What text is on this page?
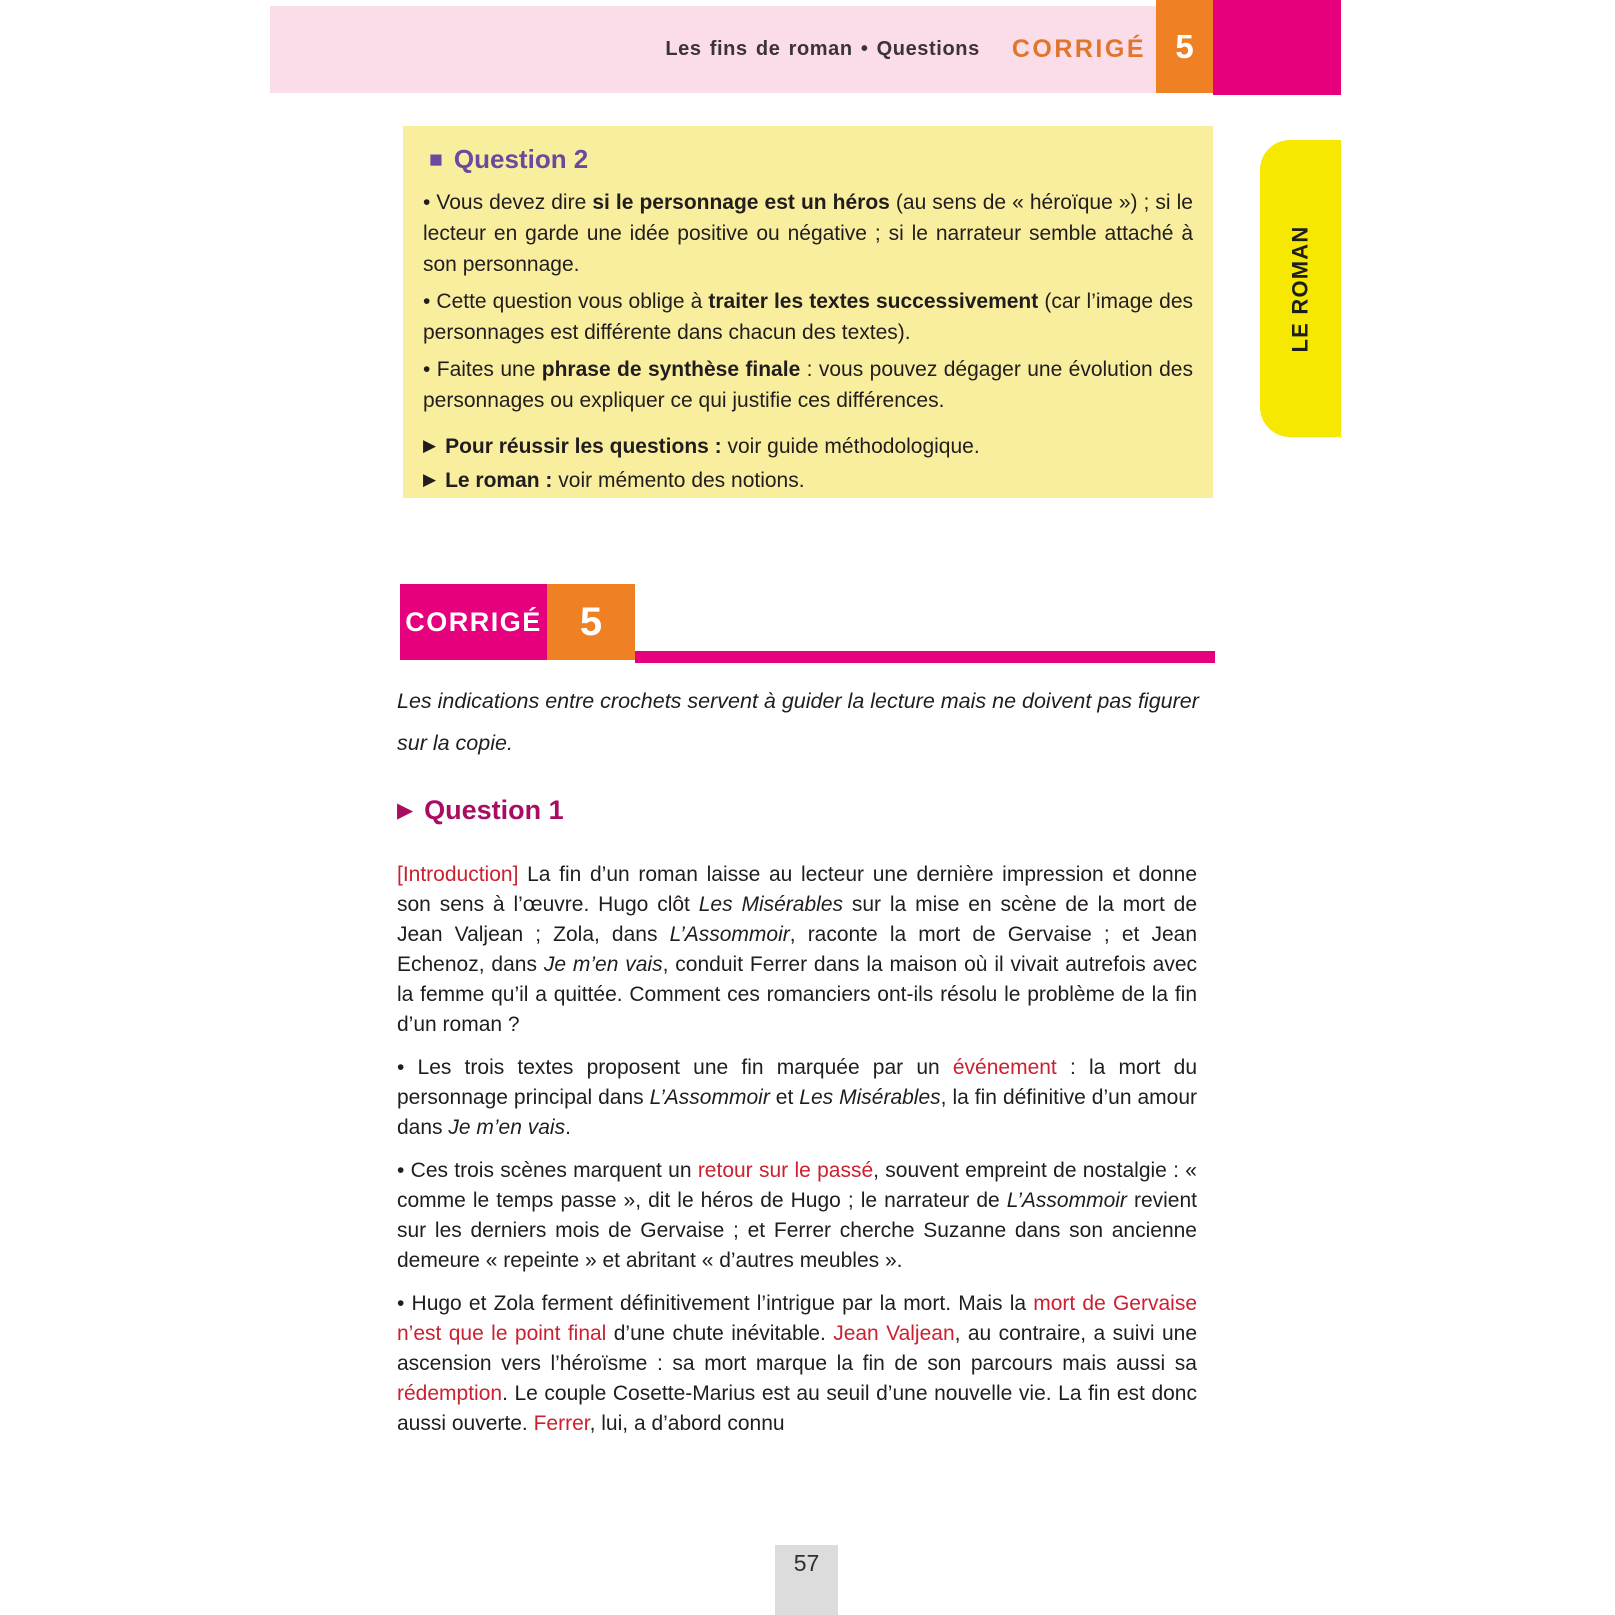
Les fins de roman • Questions CORRIGÉ 5
LE ROMAN
■ Question 2

• Vous devez dire si le personnage est un héros (au sens de « héroïque ») ; si le lecteur en garde une idée positive ou négative ; si le narrateur semble attaché à son personnage.

• Cette question vous oblige à traiter les textes successivement (car l’image des personnages est différente dans chacun des textes).

• Faites une phrase de synthèse finale : vous pouvez dégager une évolution des personnages ou expliquer ce qui justifie ces différences.

▶ Pour réussir les questions : voir guide méthodologique.

▶ Le roman : voir mémento des notions.

CORRIGÉ 5
Les indications entre crochets servent à guider la lecture mais ne doivent pas figurer sur la copie.
▶ Question 1

[Introduction] La fin d’un roman laisse au lecteur une dernière impression et donne son sens à l’œuvre. Hugo clôt Les Misérables sur la mise en scène de la mort de Jean Valjean ; Zola, dans L’Assommoir, raconte la mort de Gervaise ; et Jean Echenoz, dans Je m’en vais, conduit Ferrer dans la maison où il vivait autrefois avec la femme qu’il a quittée. Comment ces romanciers ont-ils résolu le problème de la fin d’un roman ?

• Les trois textes proposent une fin marquée par un événement : la mort du personnage principal dans L’Assommoir et Les Misérables, la fin définitive d’un amour dans Je m’en vais.

• Ces trois scènes marquent un retour sur le passé, souvent empreint de nostalgie : « comme le temps passe », dit le héros de Hugo ; le narrateur de L’Assommoir revient sur les derniers mois de Gervaise ; et Ferrer cherche Suzanne dans son ancienne demeure « repeinte » et abritant « d’autres meubles ».

• Hugo et Zola ferment définitivement l’intrigue par la mort. Mais la mort de Gervaise n’est que le point final d’une chute inévitable. Jean Valjean, au contraire, a suivi une ascension vers l’héroïsme : sa mort marque la fin de son parcours mais aussi sa rédemption. Le couple Cosette-Marius est au seuil d’une nouvelle vie. La fin est donc aussi ouverte. Ferrer, lui, a d’abord connu

57
